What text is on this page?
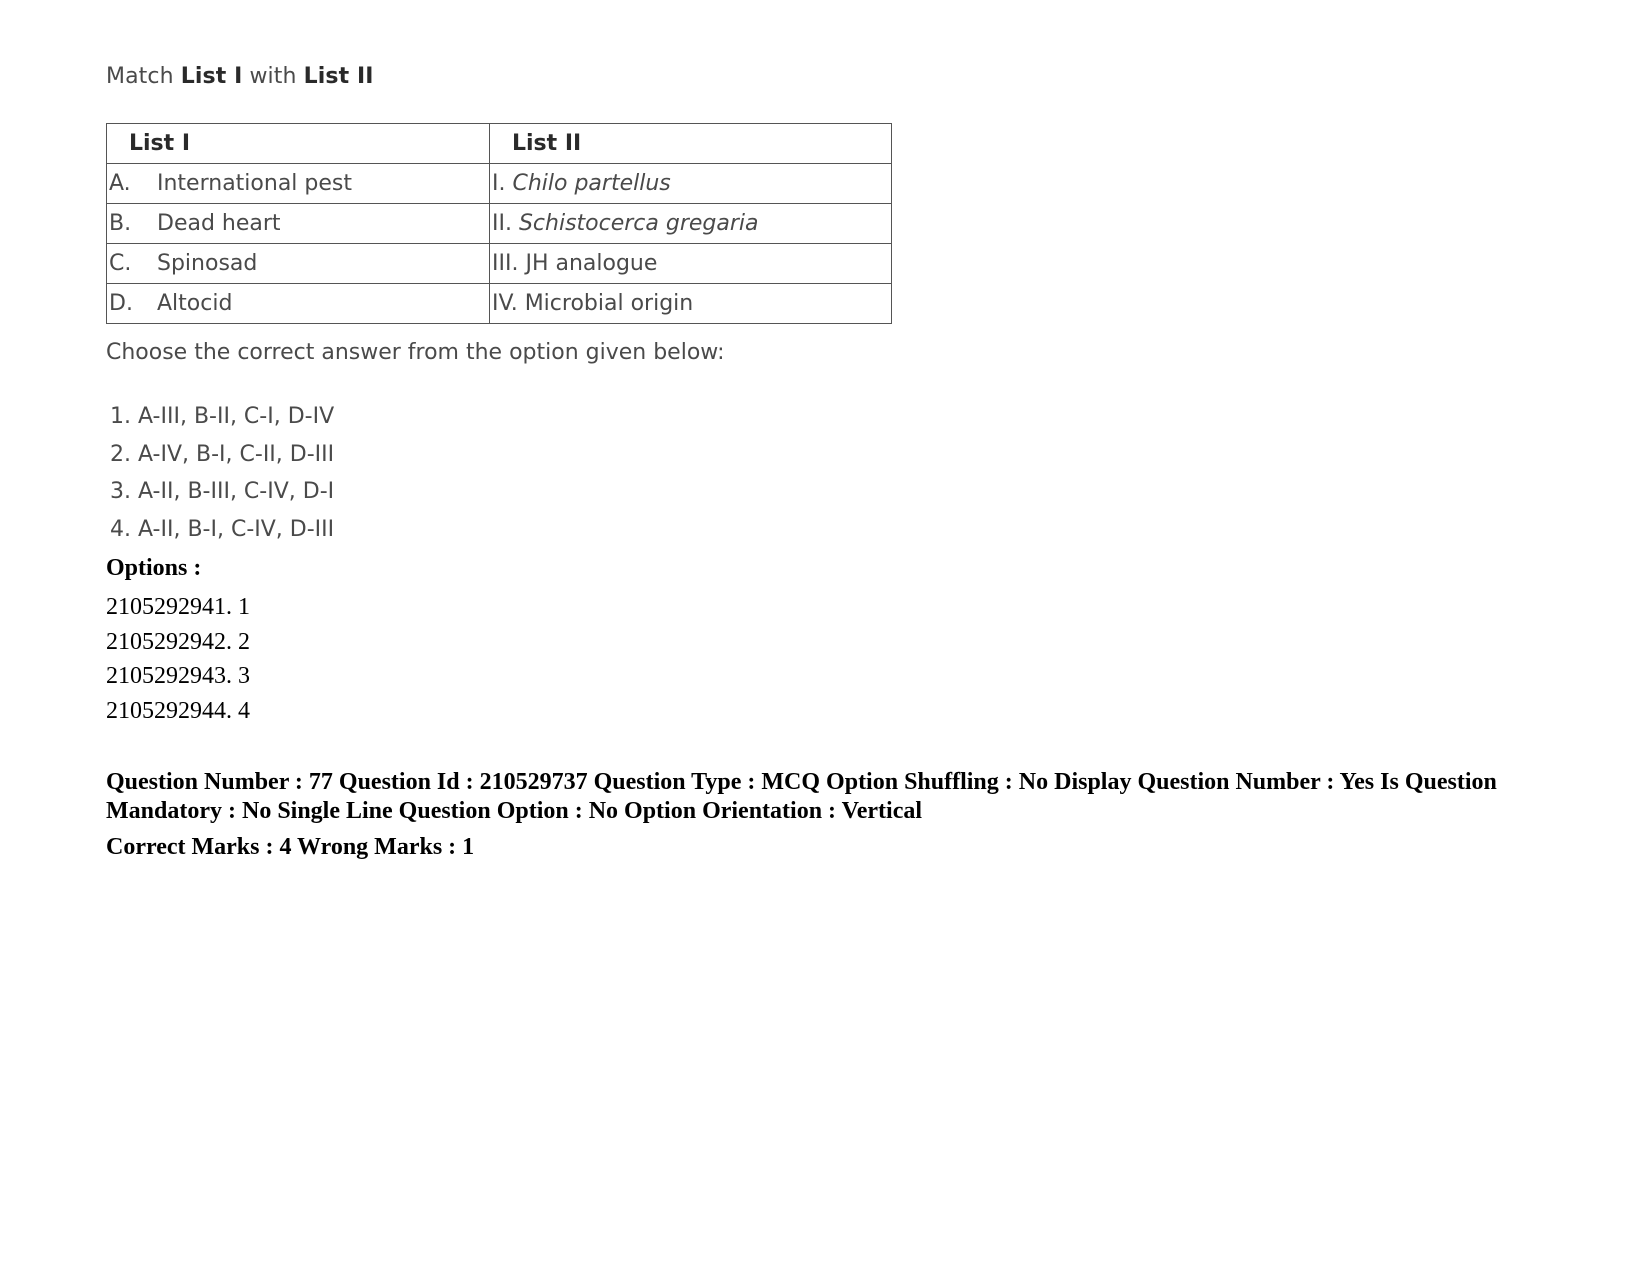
Match List I with List II
List I	List II
A. International pest	I. Chilo partellus
B. Dead heart	II. Schistocerca gregaria
C. Spinosad	III. JH analogue
D. Altocid	IV. Microbial origin
Choose the correct answer from the option given below:
1. A-III, B-II, C-I, D-IV
2. A-IV, B-I, C-II, D-III
3. A-II, B-III, C-IV, D-I
4. A-II, B-I, C-IV, D-III
Options :
2105292941. 1
2105292942. 2
2105292943. 3
2105292944. 4
Question Number : 77 Question Id : 210529737 Question Type : MCQ Option Shuffling : No Display Question Number : Yes Is Question Mandatory : No Single Line Question Option : No Option Orientation : Vertical
Correct Marks : 4 Wrong Marks : 1
